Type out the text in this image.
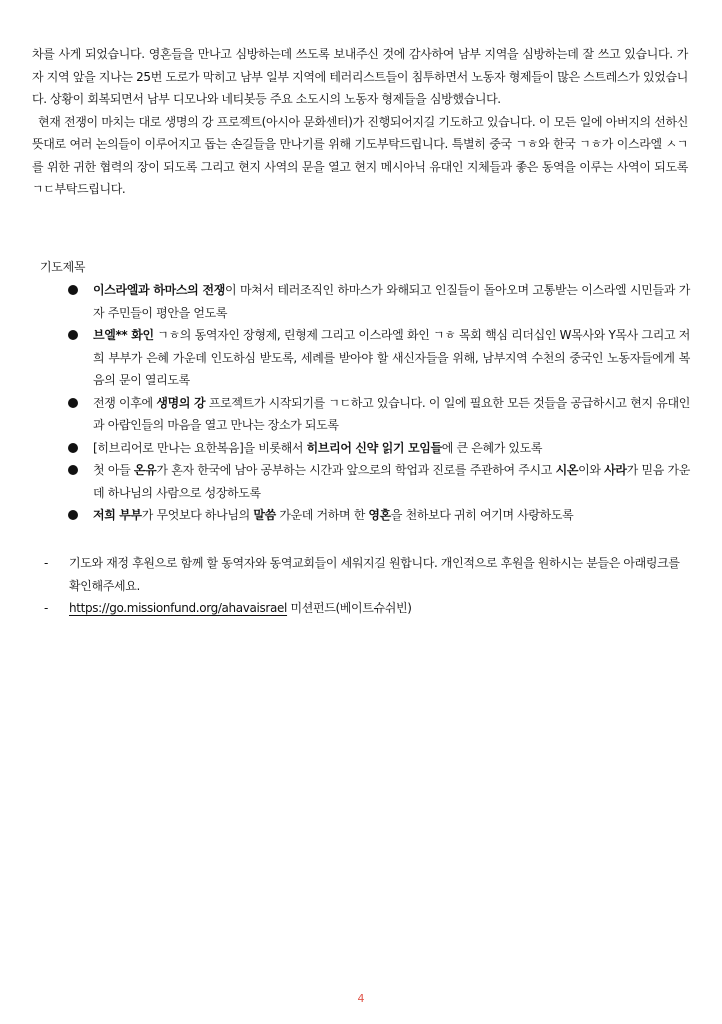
차를 사게 되었습니다. 영혼들을 만나고 심방하는데 쓰도록 보내주신 것에 감사하여 남부 지역을 심방하는데 잘 쓰고 있습니다. 가자 지역 앞을 지나는 25번 도로가 막히고 남부 일부 지역에 테러리스트들이 침투하면서 노동자 형제들이 많은 스트레스가 있었습니다. 상황이 회복되면서 남부 디모나와 네티봇등 주요 소도시의 노동자 형제들을 심방했습니다.

현재 전쟁이 마치는 대로 생명의 강 프로젝트(아시아 문화센터)가 진행되어지길 기도하고 있습니다. 이 모든 일에 아버지의 선하신 뜻대로 여러 논의들이 이루어지고 돕는 손길들을 만나기를 위해 기도부탁드립니다. 특별히 중국 ㄱㅎ와 한국 ㄱㅎ가 이스라엘 ㅅㄱ를 위한 귀한 협력의 장이 되도록 그리고 현지 사역의 문을 열고 현지 메시아닉 유대인 지체들과 좋은 동역을 이루는 사역이 되도록 ㄱㄷ부탁드립니다.

기도제목
이스라엘과 하마스의 전쟁이 마쳐서 테러조직인 하마스가 와해되고 인질들이 돌아오며 고통받는 이스라엘 시민들과 가자 주민들이 평안을 얻도록
브엘** 화인 ㄱㅎ의 동역자인 장형제, 린형제 그리고 이스라엘 화인 ㄱㅎ 목회 핵심 리더십인 W목사와 Y목사 그리고 저희 부부가 은혜 가운데 인도하심 받도록, 세례를 받아야 할 새신자들을 위해, 남부지역 수천의 중국인 노동자들에게 복음의 문이 열리도록
전쟁 이후에 생명의 강 프로젝트가 시작되기를 ㄱㄷ하고 있습니다. 이 일에 필요한 모든 것들을 공급하시고 현지 유대인과 아랍인들의 마음을 열고 만나는 장소가 되도록
[히브리어로 만나는 요한복음]을 비롯해서 히브리어 신약 읽기 모임들에 큰 은혜가 있도록
첫 아들 온유가 혼자 한국에 남아 공부하는 시간과 앞으로의 학업과 진로를 주관하여 주시고 시온이와 사라가 믿음 가운데 하나님의 사람으로 성장하도록
저희 부부가 무엇보다 하나님의 말씀 가운데 거하며 한 영혼을 천하보다 귀히 여기며 사랑하도록
- 기도와 재정 후원으로 함께 할 동역자와 동역교회들이 세워지길 원합니다. 개인적으로 후원을 원하시는 분들은 아래링크를 확인해주세요.
- https://go.missionfund.org/ahavaisrael 미션펀드(베이트슈쉬빈)
4
